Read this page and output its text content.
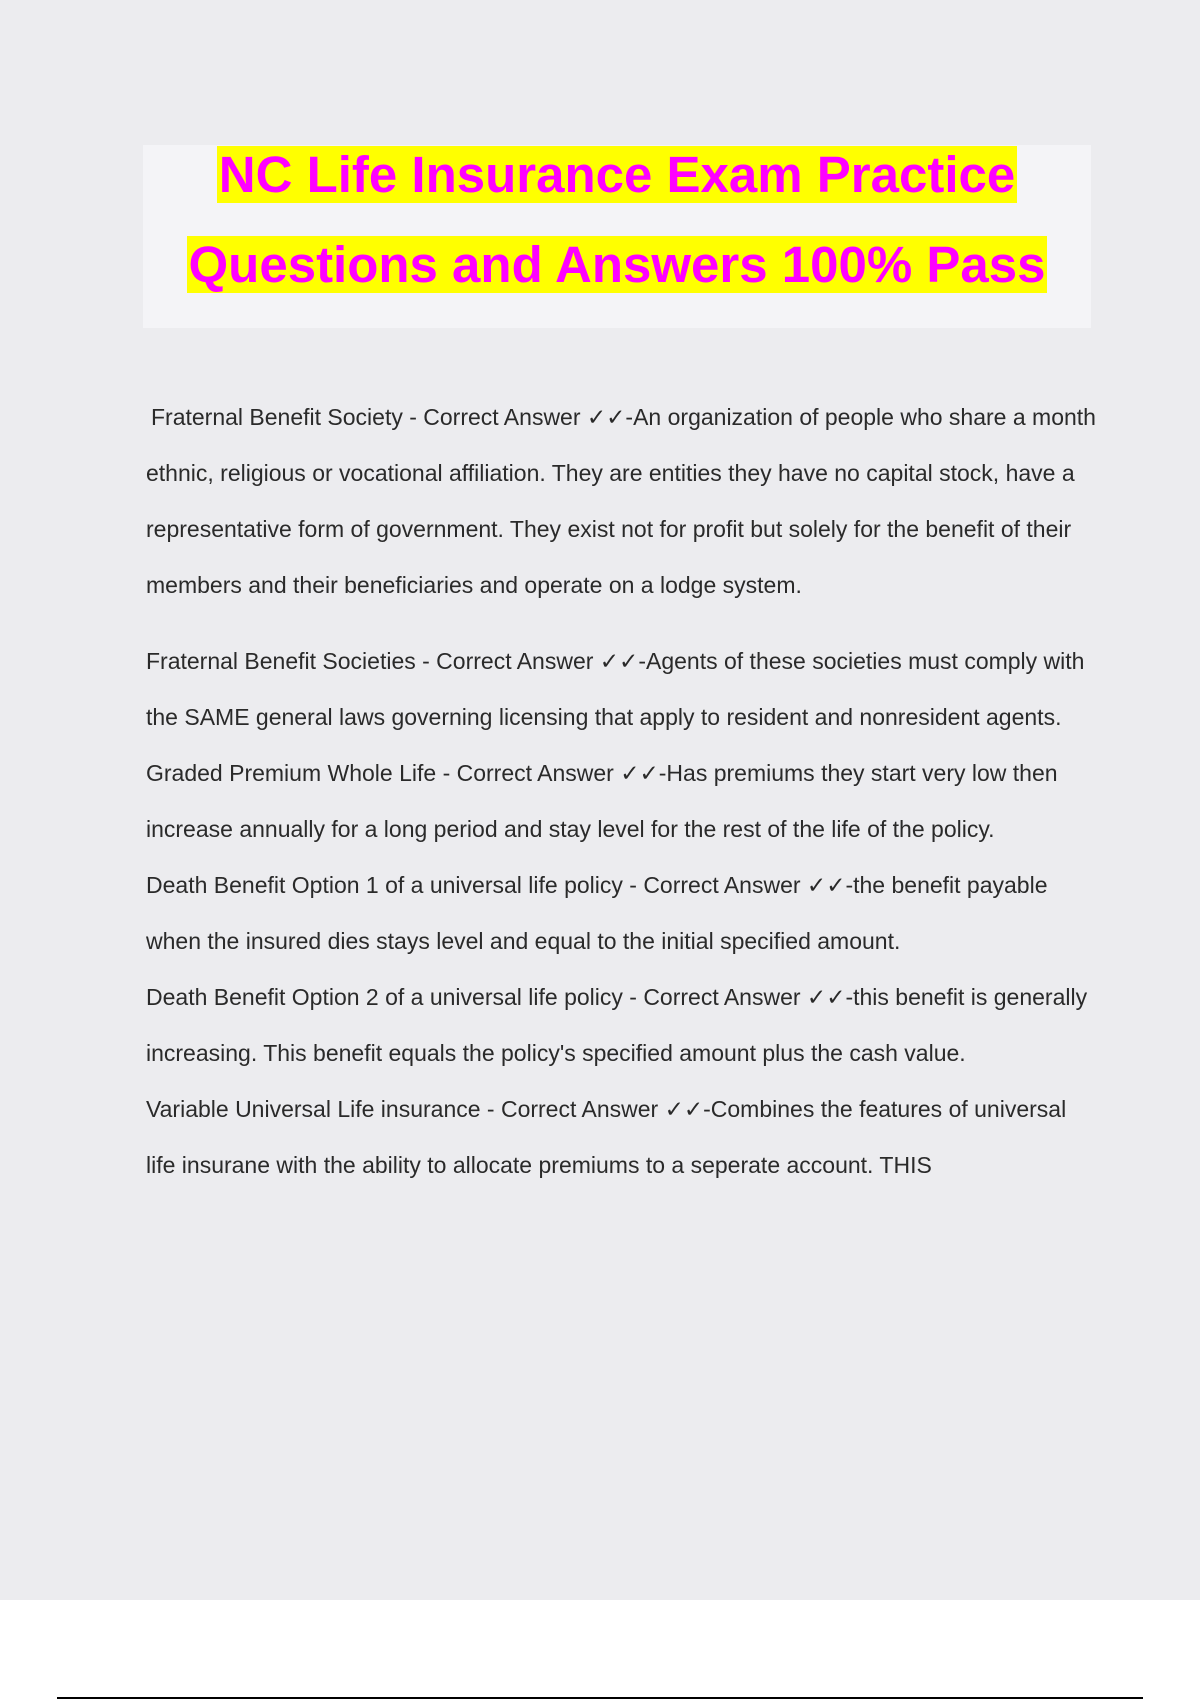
NC Life Insurance Exam Practice
Questions and Answers 100% Pass

Fraternal Benefit Society - Correct Answer ✓✓-An organization of people who share a month ethnic, religious or vocational affiliation. They are entities they have no capital stock, have a representative form of government. They exist not for profit but solely for the benefit of their members and their beneficiaries and operate on a lodge system.

Fraternal Benefit Societies - Correct Answer ✓✓-Agents of these societies must comply with the SAME general laws governing licensing that apply to resident and nonresident agents.

Graded Premium Whole Life - Correct Answer ✓✓-Has premiums they start very low then increase annually for a long period and stay level for the rest of the life of the policy.

Death Benefit Option 1 of a universal life policy - Correct Answer ✓✓-the benefit payable when the insured dies stays level and equal to the initial specified amount.

Death Benefit Option 2 of a universal life policy - Correct Answer ✓✓-this benefit is generally increasing. This benefit equals the policy's specified amount plus the cash value.

Variable Universal Life insurance - Correct Answer ✓✓-Combines the features of universal life insurane with the ability to allocate premiums to a seperate account. THIS
